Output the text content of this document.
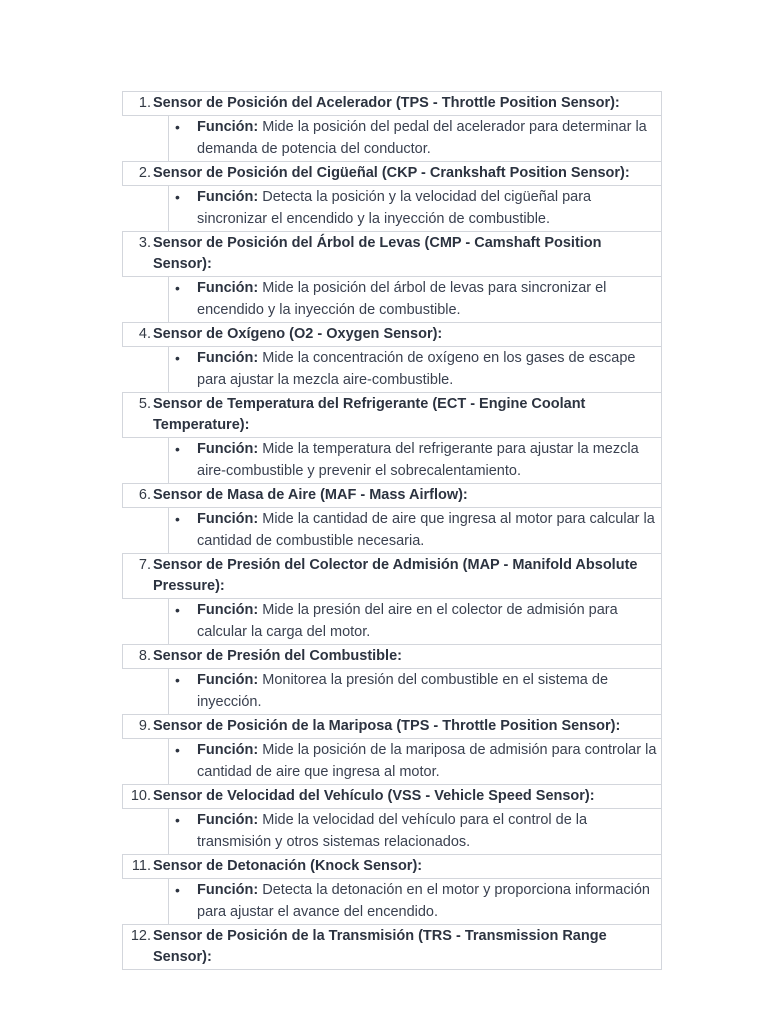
1. Sensor de Posición del Acelerador (TPS - Throttle Position Sensor):
• Función: Mide la posición del pedal del acelerador para determinar la demanda de potencia del conductor.
2. Sensor de Posición del Cigüeñal (CKP - Crankshaft Position Sensor):
• Función: Detecta la posición y la velocidad del cigüeñal para sincronizar el encendido y la inyección de combustible.
3. Sensor de Posición del Árbol de Levas (CMP - Camshaft Position Sensor):
• Función: Mide la posición del árbol de levas para sincronizar el encendido y la inyección de combustible.
4. Sensor de Oxígeno (O2 - Oxygen Sensor):
• Función: Mide la concentración de oxígeno en los gases de escape para ajustar la mezcla aire-combustible.
5. Sensor de Temperatura del Refrigerante (ECT - Engine Coolant Temperature):
• Función: Mide la temperatura del refrigerante para ajustar la mezcla aire-combustible y prevenir el sobrecalentamiento.
6. Sensor de Masa de Aire (MAF - Mass Airflow):
• Función: Mide la cantidad de aire que ingresa al motor para calcular la cantidad de combustible necesaria.
7. Sensor de Presión del Colector de Admisión (MAP - Manifold Absolute Pressure):
• Función: Mide la presión del aire en el colector de admisión para calcular la carga del motor.
8. Sensor de Presión del Combustible:
• Función: Monitorea la presión del combustible en el sistema de inyección.
9. Sensor de Posición de la Mariposa (TPS - Throttle Position Sensor):
• Función: Mide la posición de la mariposa de admisión para controlar la cantidad de aire que ingresa al motor.
10. Sensor de Velocidad del Vehículo (VSS - Vehicle Speed Sensor):
• Función: Mide la velocidad del vehículo para el control de la transmisión y otros sistemas relacionados.
11. Sensor de Detonación (Knock Sensor):
• Función: Detecta la detonación en el motor y proporciona información para ajustar el avance del encendido.
12. Sensor de Posición de la Transmisión (TRS - Transmission Range Sensor):
